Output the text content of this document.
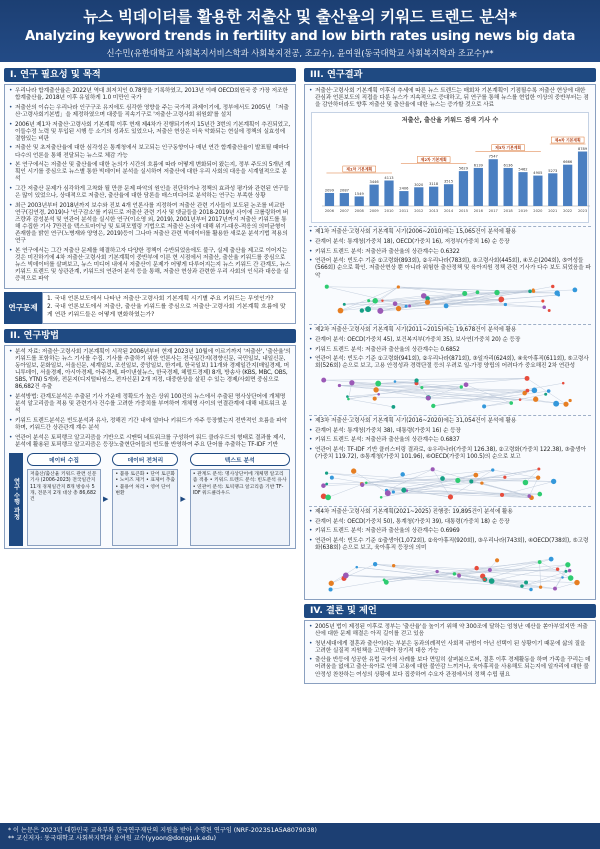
뉴스 빅데이터를 활용한 저출산 및 출산율의 키워드 트렌드 분석*
Analyzing keyword trends in fertility and low birth rates using news big data
신수민(유한대학교 사회복지서비스학과 사회복지전공, 조교수), 윤여원(동국대학교 사회복지학과 조교수)**
I. 연구 필요성 및 목적
• 우리나라 합계출산율은 2022년 역대 최저치인 0.78명을 기록하였고, 2013년 이래 OECD회원국 중 가장 저조한 합계출산율, 2018년 이후 유일하게 1.0 미만인 국가
• 저출산의 이슈는 우리나라 인구구조 유지에도 심각한 영향을 주는 국가적 과제이기에, 정부에서도 2005년 「저출산·고령사회기본법」을 제정하였으며 대중들 직속기구로 '저출산·고령사회 위원회'를 설치
• 2006년 제1차 저출산·고령사회 기본계획 이후 현재 제4차가 진행되기까지 15년간 3번의 기본계획이 추진되었고, 이들수정 노력 및 투입된 시행 등 소기의 성과도 있었으나, 저출산 현상은 더욱 악화되는 현실에 정책의 실효성에 결함있는 비판
• 저출산 및 초저출산율에 대한 심각성은 통계청에서 보고되는 인구동향이나 매년 연간 합계출산율이 발표될 때마다 다수의 언론을 통해 전달되는 뉴스로 체감 가능
• 본 연구에서는 저출산 및 출산율에 대한 논의가 시간의 흐름에 따라 어떻게 변화되어 왔는지, 정부 주도의 5개년 계획인 시기를 중심으로 뉴스별 통한 빅데이터 분석을 실시하여 저출산에 대한 우리 사회의 대응을 시계열적으로 분석
• 그간 저출산 문제가 심각하게 고착화 될 만큼 문제 파악의 원인을 진단하거나 정책의 효과성 평가와 관련된 연구들은 많이 있었으나, 상대적으로 저출산, 출산율에 대한 담론을 매스미디어로 분석하는 연구는 부족한 상황
• 최근 2003년부터 2018년까지 보수와 진보 4개 언론사를 지정하여 저출산 관련 기사들이 보도된 논조를 비교한 연구(김연경, 2019)나 '인구감소'를 키워드로 저출산 관련 기사 및 댓글들을 2018-2019년 사이에 크롤링하여 버즈량과 감성분석 및 연관어 분석을 실시한 연구(이소영 외, 2019), 2001년부터 2017년까지 저출산 키워드를 통해 수집한 기사 7만건을 텍스트마이닝 및 토픽모델링 기법으로 저출산 논의에 대해 위기-대응-적응의 의미균형이 존재함을 밝힌 연구(노병재와 양영은, 2019)등이 그나마 저출산 관련 빅데이터를 활용한 새로운 분석기법 적용의 연구
• 본 연구에서는 그간 저출산 문제를 해결하고자 다양한 정책이 수반되었음에도 불구, 실제 출산율 제고로 이어지는 것은 미진하기에 4차 저출산·고령사회 기본계획이 중반부에 이른 현 시점에서 저출산, 출산율 키워드를 중심으로 뉴스 빅데이터를 살펴보고, 뉴스 미디어 내에서 저출산이 문제가 어떻게 다루어지는지 뉴스 키워드 간 관계도, 뉴스 키워드 트렌드 및 상관관계, 키워드의 연관어 분석 등을 통해, 저출산 현상과 관련한 우리 사회의 인식과 대응을 실증적으로 파악
연구문제
1. 국내 언론보도에서 나타난 저출산·고령사회 기본계획 시기별 주요 키워드는 무엇인가?
2. 국내 언론보도에서 저출산, 출산율 키워드를 중심으로 저출산·고령사회 기본계획 흐름에 맞게 연관 키워드들은 어떻게 변화하였는가?
II. 연구방법
• 분석 자료: 저출산·고령사회 기본계획이 시작된 2006년부터 현재 2023년 10월에 이르기까지 '저출산', '출산율'의 키워드를 포함하는 뉴스 기사를 수집. 기사를 추출하기 위한 언론사는 전국일간지(경향신문, 국민일보, 내일신문, 동아일보, 문화일보, 서울신문, 세계일보, 조선일보, 중앙일보, 한겨레, 한국일보) 11개와 경제일간지(매일경제, 머니투데이, 서울경제, 아시아경제, 아주경제, 파이낸셜뉴스, 한국경제, 헤럴드경제) 8개, 방송사 (KBS, MBC, OBS, SBS, YTN) 5개와, 전문지(디지털타임스, 전자신문) 2개 지정, 대중한상을 살핀 수 있는 경제/사회면 중심으로 86,682건 추출
• 분석방법: 관계도분석은 추출된 기사 가운데 정확도가 높은 상위 100건의 뉴스에서 추출된 명사상단어에 개체명 분석 알고리즘을 적용 및 관련기사 건수를 고려한 가중치를 부여하여 개체명 사이의 연결관계에 대해 네트워크 분석
• 키워드 트렌드분석은 빈도분석과 유사, 정해진 기간 내에 얼마나 키워드가 자주 등장했는지 전반적인 흐름을 파악하며, 키워드간 상관관계 계수 분석
• 연관어 분석은 토픽랭크 알고리즘을 기반으로 시맨틱 네트워크를 구성하여 워드 클라우드의 형태로 결과를 제시, 분석에 활용된 토픽랭크 알고리즘은 등장노출현단어들의 빈도를 반영하여 주요 단어를 추출하는 TF-IDF 기반
연구 수행 과정
데이터 수집
저출산/출산율 키워드 관련 신문기사 (2006-2023) 전국일간지 11개 경제일간지 8개 방송사 5개, 전문지 2개 대상 총 86,682건	▶
데이터 전처리
• 불용 토큰화 • 단어 토큰화 • 노이즈 제거 • 표제어 추출 • 불용어 처리 • 영어 단어 변환
▶
텍스트 분석
• 관계도 분석: 명사상단어에 개체명 알고리즘 적용 • 키워드 트렌드 분석: 빈도분석 유사 • 연관어 분석: 토픽랭크 알고리즘 기반 TF-IDF 워드클라우드
III. 연구결과
• 저출산·고령사회 기본계획 이후의 추세에 따른 뉴스 트렌드는 매회차 기본계획이 기점될수록 저출산 현상에 대한 관심과 언론보도의 직접을 다룬 뉴스가 지속적으로 증대하고, 뒤 연구를 통해 뉴스를 현업한 이상의 중반부터는 점을 감안하더라도 향후 저출산 및 출산율에 대한 뉴스는 증가할 것으로 사료
저출산, 출산율 키워드 검색 기사 수
2099
2006
2087
2007
1549
2008
3446
2009
4113
2010
2406
2011
3020
2012
3118
2013
3515
2014
5629
2015
6139
2016
7547
2017
6136
2018
5462
2019
4905
2020
5273
2021
6666
2022
8789
2023
제1차 기본계획
제2차 기본계획
제3차 기본계획
제4차 기본계획
• 제1차 저출산·고령사회 기본계획 시기(2006~2010)에는 15,065건이 분석에 활용
• 관계어 분석: 통계청(가중치 18), OECD(가중치 16), 저정부(가중치 16) 순 등장
• 키워드 트렌드 분석: 저출산과 출산율의 상관계수는 0.6322
• 연관어 분석: 빈도수 기준 ①고령화(893회), ②우리나라(783회), ③고령사회(445회), ④모순(204회), ⑤여성들(566회) 순으로 확인. 저출산현상 뿐 아니라 위험한 출산정책 및 육아지원 정책 관련 기사가 다수 보도 되었음을 파악
• 제2차 저출산·고령사회 기본계획 시기(2011~2015)에는 19,678건이 분석에 활용
• 관계어 분석: OECD(가중치 45), 보건복지부(가중치 35), 보사연(가중치 20) 순 등장
• 키워드 트렌드 분석: 저출산과 출산율의 상관계수는 0.6852
• 연관어 분석: 빈도수 기준 ①고령화(941회), ②우리나라(871회), ③일자리(624회), ④육아휴직(611회), ⑤고령사회(526회) 순으로 보고, 고용 안정성과 경력단절 등의 우려로 일-가정 양립의 어려다가 중요해진 2차 연관성
• 제3차 저출산·고령사회 기본계획 시기(2016~2020)에는 31,054건이 분석에 활용
• 관계어 분석: 통계청(가중치 38), 대통령(가중치 16) 순 등장
• 키워드 트렌드 분석: 저출산과 출산율의 상관계수는 0.6837
• 연관어 분석: TF-IDF 기반 클러스터링 결과로, ①우리나라(가중치 126.38), ②고령화(가중치 122.38), ③출생아(가중치 119.72), ⑤통계청(가중치 101.96), ⑥OECD(가중치 100.5)의 순으로 보고
• 제4차 저출산·고령사회 기본계획(2021~2025) 진행중: 19,895건이 분석에 활용
• 관계어 분석: OECD(가중치 50), 통계청(가중치 39), 대통령(가중치 18) 순 등장
• 키워드 트렌드 분석: 저출산과 출산율의 상관계수는 0.6969
• 연관어 분석: 빈도수 기준 ①출생아(1,072회), ②육아휴직(920회), ③우리나라(743회), ④OECD(738회), ⑤고령화(638회) 순으로 보고, 육아휴직 등장의 의미
IV. 결론 및 제언
• 2005년 법이 제정된 이후로 정부는 '출산율'을 높이기 위해 약 300조에 달하는 엄청난 예산을 쏟아부었지만 저출산에 대한 문제 해결은 아직 길이를 걷고 있음
• 청년세대에게 결혼과 출산이라는 부분은 동과의례적인 사회적 규범이 아닌 선택이 된 상황이기 때문에 삶의 질을 고려한 실질적 지원책을 고민해야 장기적 대응 가능
• 출산율 반등에 성공한 유럽 국가의 사례를 보다 면밀히 살펴봄으로써, 결혼 이후 경제활동을 하며 가족을 꾸리는 데 어려움을 없애고 출산·육아로 인해 고용에 대한 불안감 느끼거나, 육아휴직을 사용해도 되는지에 일자리에 대한 불안정성 찬찬하는 여성의 상황에 보다 집중하여 수요자 관점에서의 정책 수립 필요
* 이 논문은 2023년 대한민국 교육부와 한국연구재단의 지원을 받아 수행된 연구임 (NRF-2023S1A5A8079038)
** 교신저자: 동국대학교 사회복지학과 윤여원 교수(yyoon@dongguk.edu)
